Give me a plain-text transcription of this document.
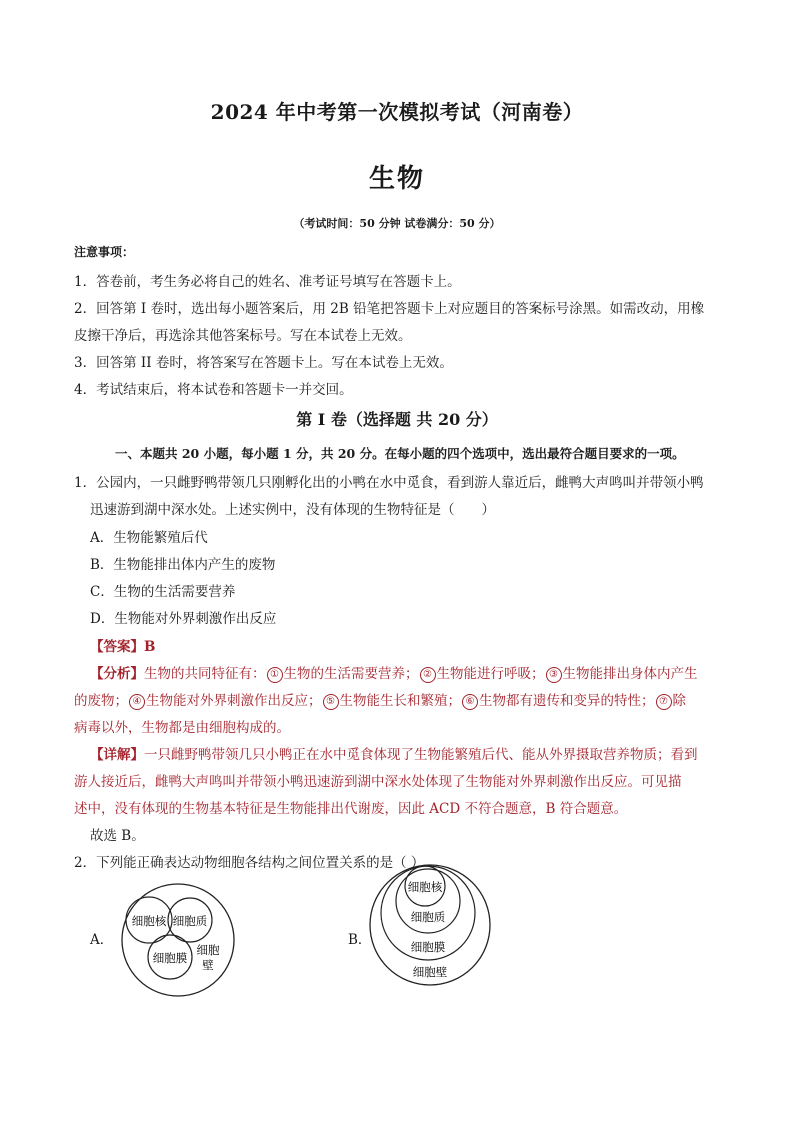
2024 年中考第一次模拟考试（河南卷）
生物
（考试时间：50 分钟 试卷满分：50 分）
注意事项：
1．答卷前，考生务必将自己的姓名、准考证号填写在答题卡上。
2．回答第 I 卷时，选出每小题答案后，用 2B 铅笔把答题卡上对应题目的答案标号涂黑。如需改动，用橡
皮擦干净后，再选涂其他答案标号。写在本试卷上无效。
3．回答第 II 卷时，将答案写在答题卡上。写在本试卷上无效。
4．考试结束后，将本试卷和答题卡一并交回。
第 I 卷（选择题 共 20 分）
一、本题共 20 小题，每小题 1 分，共 20 分。在每小题的四个选项中，选出最符合题目要求的一项。
1．公园内，一只雌野鸭带领几只刚孵化出的小鸭在水中觅食，看到游人靠近后，雌鸭大声鸣叫并带领小鸭
迅速游到湖中深水处。上述实例中，没有体现的生物特征是（　　）
A．生物能繁殖后代
B．生物能排出体内产生的废物
C．生物的生活需要营养
D．生物能对外界刺激作出反应
【答案】B
【分析】生物的共同特征有： ① 生物的生活需要营养； ② 生物能进行呼吸； ③ 生物能排出身体内产生
的废物； ④ 生物能对外界刺激作出反应； ⑤ 生物能生长和繁殖； ⑥ 生物都有遗传和变异的特性； ⑦ 除
病毒以外，生物都是由细胞构成的。
【详解】一只雌野鸭带领几只小鸭正在水中觅食体现了生物能繁殖后代、能从外界摄取营养物质；看到
游人接近后，雌鸭大声鸣叫并带领小鸭迅速游到湖中深水处体现了生物能对外界刺激作出反应。可见描
述中，没有体现的生物基本特征是生物能排出代谢废，因此 ACD 不符合题意，B 符合题意。
故选 B。
2．下列能正确表达动物细胞各结构之间位置关系的是（ ）
A．
细胞核 细胞质
细胞膜
细胞
壁
B．
细胞核
细胞质
细胞膜
细胞壁
